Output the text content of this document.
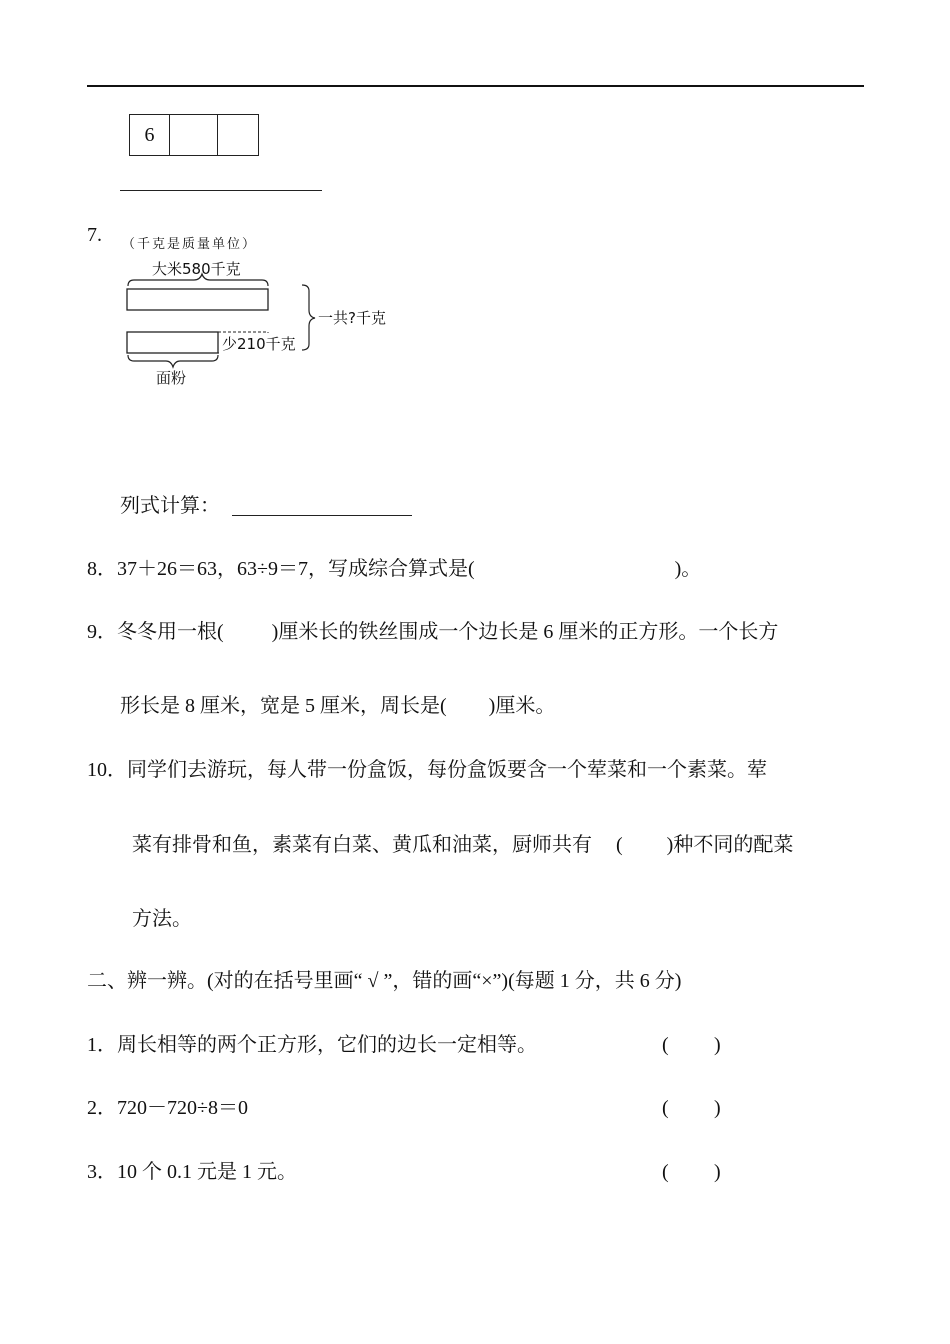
6
7. （千克是质量单位）
大米580千克
少210千克
一共?千克
面粉
列式计算：
8．37＋26＝63，63÷9＝7，写成综合算式是(	)。
9．冬冬用一根( )厘米长的铁丝围成一个边长是 6 厘米的正方形。一个长方
形长是 8 厘米，宽是 5 厘米，周长是( )厘米。
10．同学们去游玩，每人带一份盒饭，每份盒饭要含一个荤菜和一个素菜。荤
菜有排骨和鱼，素菜有白菜、黄瓜和油菜，厨师共有 ( )种不同的配菜
方法。
二、辨一辨。(对的在括号里画“ √ ”，错的画“×”)(每题 1 分，共 6 分)
1．周长相等的两个正方形，它们的边长一定相等。	( )
2．720－720÷8＝0	( )
3．10 个 0.1 元是 1 元。	( )
